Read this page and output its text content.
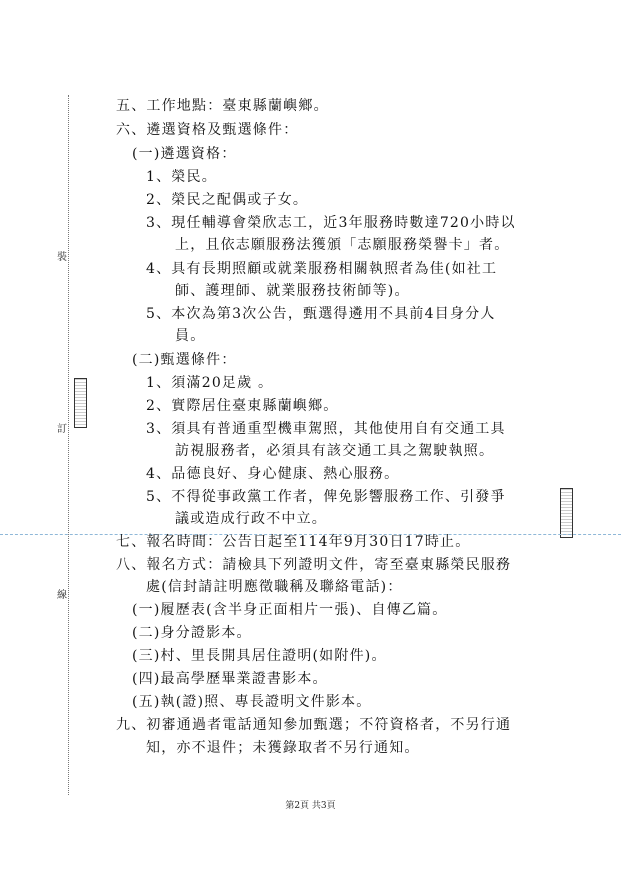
裝
訂
線
五、工作地點：臺東縣蘭嶼鄉。
六、遴選資格及甄選條件：
(一)遴選資格：
1、榮民。
2、榮民之配偶或子女。
3、現任輔導會榮欣志工，近3年服務時數達720小時以
上，且依志願服務法獲頒「志願服務榮譽卡」者。
4、具有長期照顧或就業服務相關執照者為佳(如社工
師、護理師、就業服務技術師等)。
5、本次為第3次公告，甄選得遴用不具前4目身分人
員。
(二)甄選條件：
1、須滿20足歲 。
2、實際居住臺東縣蘭嶼鄉。
3、須具有普通重型機車駕照，其他使用自有交通工具
訪視服務者，必須具有該交通工具之駕駛執照。
4、品德良好、身心健康、熱心服務。
5、不得從事政黨工作者，俾免影響服務工作、引發爭
議或造成行政不中立。
七、報名時間：公告日起至114年9月30日17時止。
八、報名方式：請檢具下列證明文件，寄至臺東縣榮民服務
處(信封請註明應徵職稱及聯絡電話)：
(一)履歷表(含半身正面相片一張)、自傳乙篇。
(二)身分證影本。
(三)村、里長開具居住證明(如附件)。
(四)最高學歷畢業證書影本。
(五)執(證)照、專長證明文件影本。
九、初審通過者電話通知參加甄選；不符資格者，不另行通
知，亦不退件；未獲錄取者不另行通知。
第2頁 共3頁
